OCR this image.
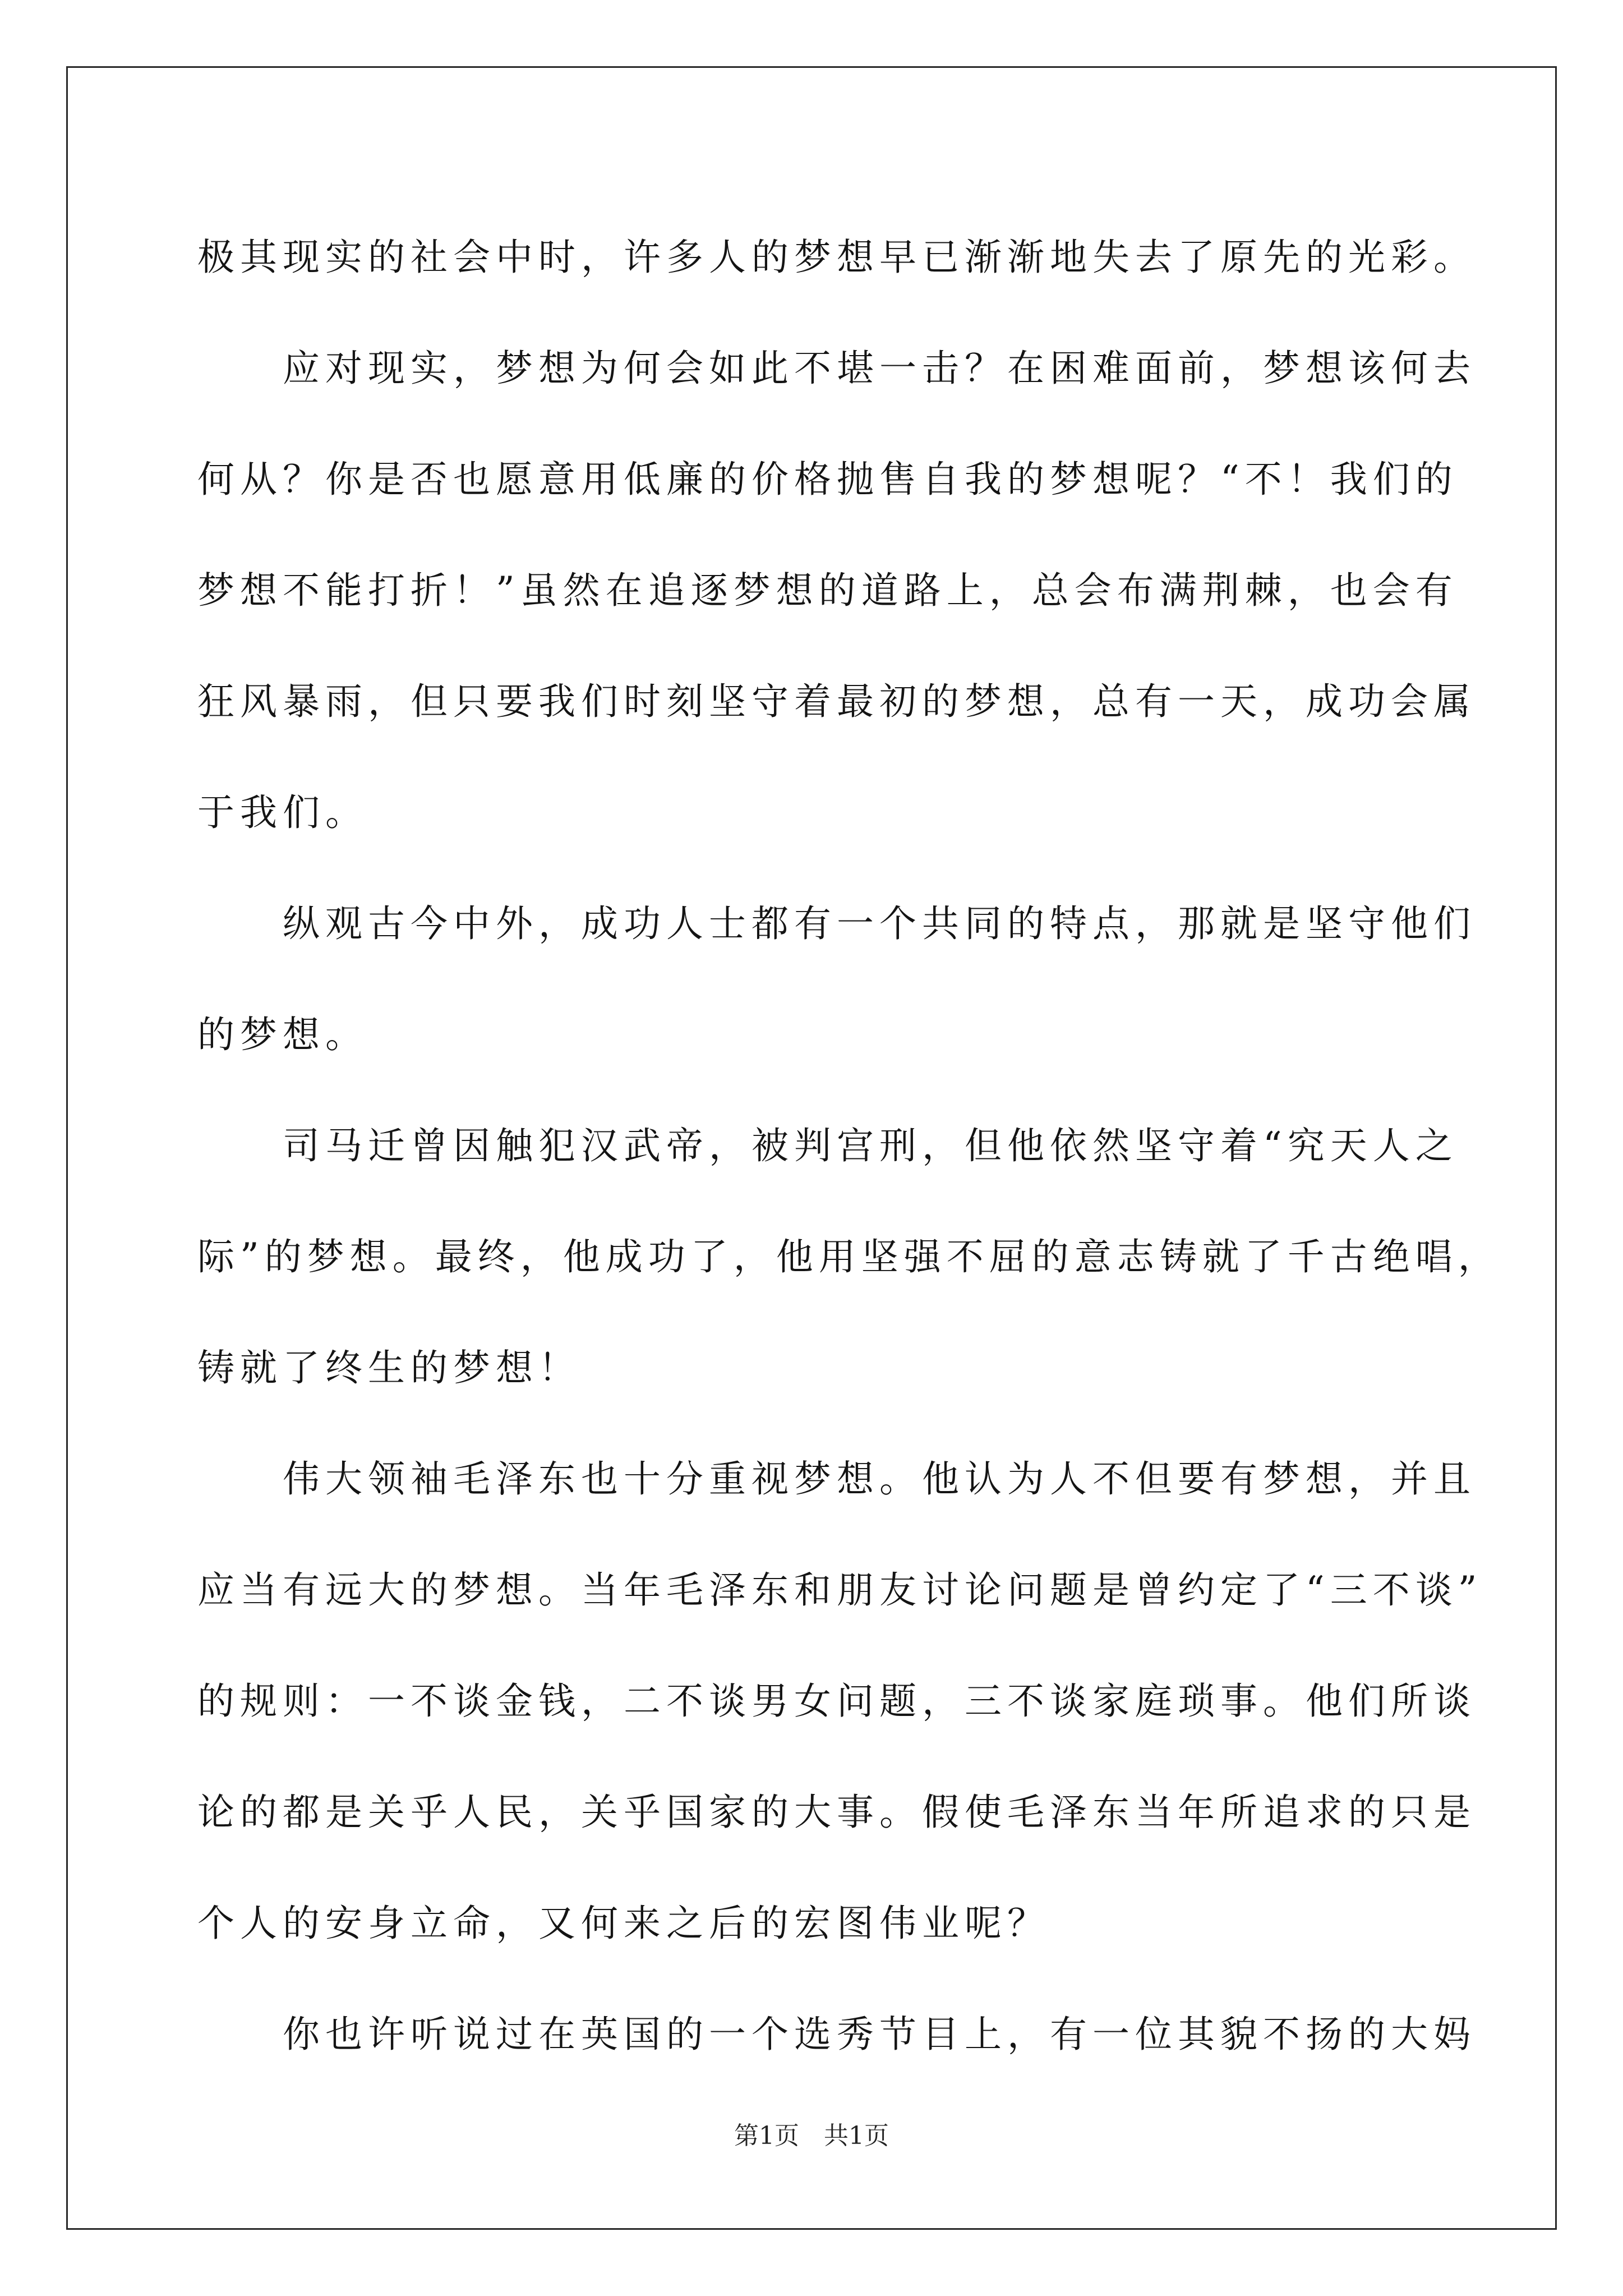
极其现实的社会中时，许多人的梦想早已渐渐地失去了原先的光彩。
　　应对现实，梦想为何会如此不堪一击？在困难面前，梦想该何去
何从？你是否也愿意用低廉的价格抛售自我的梦想呢？“不！我们的
梦想不能打折！”虽然在追逐梦想的道路上，总会布满荆棘，也会有
狂风暴雨，但只要我们时刻坚守着最初的梦想，总有一天，成功会属
于我们。
　　纵观古今中外，成功人士都有一个共同的特点，那就是坚守他们
的梦想。
　　司马迁曾因触犯汉武帝，被判宫刑，但他依然坚守着“究天人之
际”的梦想。最终，他成功了，他用坚强不屈的意志铸就了千古绝唱，
铸就了终生的梦想！
　　伟大领袖毛泽东也十分重视梦想。他认为人不但要有梦想，并且
应当有远大的梦想。当年毛泽东和朋友讨论问题是曾约定了“三不谈”
的规则：一不谈金钱，二不谈男女问题，三不谈家庭琐事。他们所谈
论的都是关乎人民，关乎国家的大事。假使毛泽东当年所追求的只是
个人的安身立命，又何来之后的宏图伟业呢？
　　你也许听说过在英国的一个选秀节目上，有一位其貌不扬的大妈
第1页　共1页
